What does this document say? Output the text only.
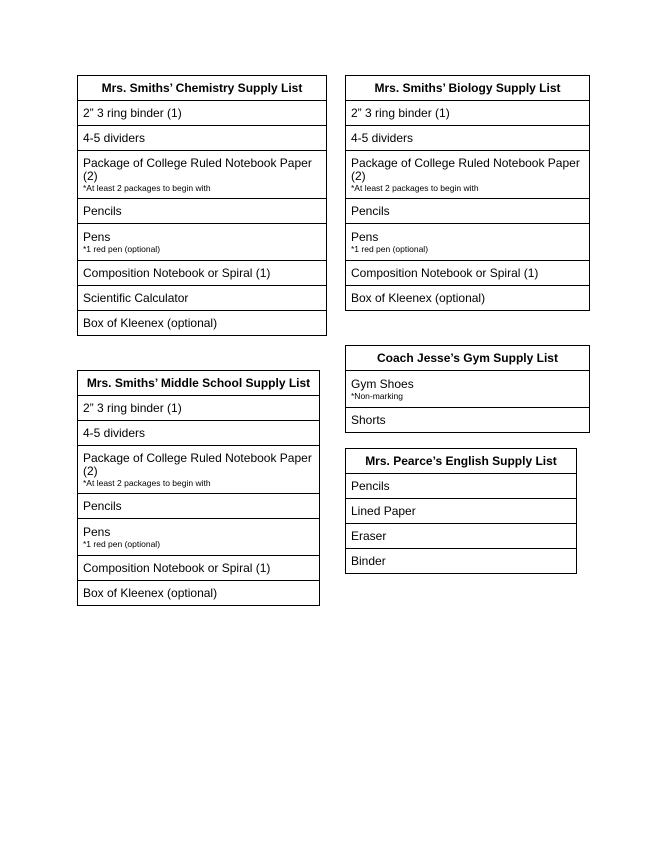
Mrs. Smiths’ Chemistry Supply List

2” 3 ring binder (1)

4-5 dividers

Package of College Ruled Notebook Paper (2)
*At least 2 packages to begin with

Pencils

Pens
*1 red pen (optional)

Composition Notebook or Spiral (1)

Scientific Calculator

Box of Kleenex (optional)
Mrs. Smiths’ Biology Supply List

2” 3 ring binder (1)

4-5 dividers

Package of College Ruled Notebook Paper (2)
*At least 2 packages to begin with

Pencils

Pens
*1 red pen (optional)

Composition Notebook or Spiral (1)

Box of Kleenex (optional)
Mrs. Smiths’ Middle School Supply List

2” 3 ring binder (1)

4-5 dividers

Package of College Ruled Notebook Paper (2)
*At least 2 packages to begin with

Pencils

Pens
*1 red pen (optional)

Composition Notebook or Spiral (1)

Box of Kleenex (optional)
Coach Jesse’s Gym Supply List

Gym Shoes
*Non-marking

Shorts
Mrs. Pearce’s English Supply List

Pencils

Lined Paper

Eraser

Binder
